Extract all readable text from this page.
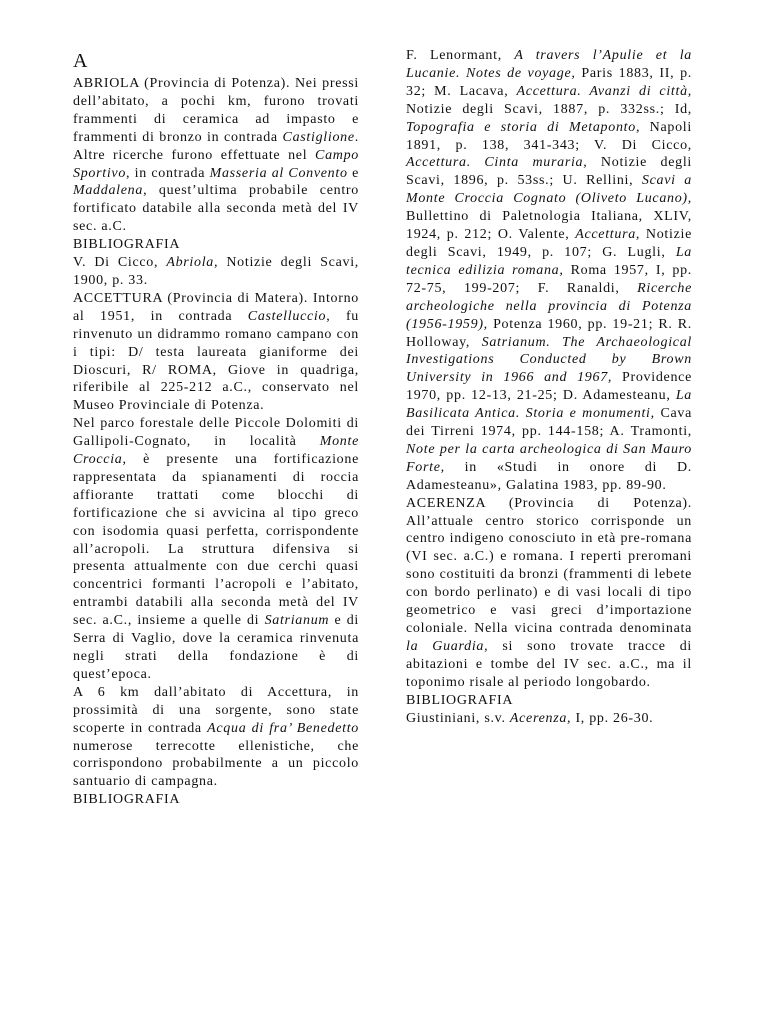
A

ABRIOLA (Provincia di Potenza). Nei pressi dell’abitato, a pochi km, furono trovati frammenti di ceramica ad impasto e frammenti di bronzo in contrada Castiglione. Altre ricerche furono effettuate nel Campo Sportivo, in contrada Masseria al Convento e Maddalena, quest’ultima probabile centro fortificato databile alla seconda metà del IV sec. a.C.

BIBLIOGRAFIA

V. Di Cicco, Abriola, Notizie degli Scavi, 1900, p. 33.

ACCETTURA (Provincia di Matera). Intorno al 1951, in contrada Castelluccio, fu rinvenuto un didrammo romano campano con i tipi: D/ testa laureata gianiforme dei Dioscuri, R/ ROMA, Giove in quadriga, riferibile al 225-212 a.C., conservato nel Museo Provinciale di Potenza.

Nel parco forestale delle Piccole Dolomiti di Gallipoli-Cognato, in località Monte Croccia, è presente una fortificazione rappresentata da spianamenti di roccia affiorante trattati come blocchi di fortificazione che si avvicina al tipo greco con isodomia quasi perfetta, corrispondente all’acropoli. La struttura difensiva si presenta attualmente con due cerchi quasi concentrici formanti l’acropoli e l’abitato, entrambi databili alla seconda metà del IV sec. a.C., insieme a quelle di Satrianum e di Serra di Vaglio, dove la ceramica rinvenuta negli strati della fondazione è di quest’epoca.

A 6 km dall’abitato di Accettura, in prossimità di una sorgente, sono state scoperte in contrada Acqua di fra’ Benedetto numerose terrecotte ellenistiche, che corrispondono probabilmente a un piccolo santuario di campagna.

BIBLIOGRAFIA

F. Lenormant, A travers l’Apulie et la Lucanie. Notes de voyage, Paris 1883, II, p. 32; M. Lacava, Accettura. Avanzi di città, Notizie degli Scavi, 1887, p. 332ss.; Id, Topografia e storia di Metaponto, Napoli 1891, p. 138, 341-343; V. Di Cicco, Accettura. Cinta muraria, Notizie degli Scavi, 1896, p. 53ss.; U. Rellini, Scavi a Monte Croccia Cognato (Oliveto Lucano), Bullettino di Paletnologia Italiana, XLIV, 1924, p. 212; O. Valente, Accettura, Notizie degli Scavi, 1949, p. 107; G. Lugli, La tecnica edilizia romana, Roma 1957, I, pp. 72-75, 199-207; F. Ranaldi, Ricerche archeologiche nella provincia di Potenza (1956-1959), Potenza 1960, pp. 19-21; R. R. Holloway, Satrianum. The Archaeological Investigations Conducted by Brown University in 1966 and 1967, Providence 1970, pp. 12-13, 21-25; D. Adamesteanu, La Basilicata Antica. Storia e monumenti, Cava dei Tirreni 1974, pp. 144-158; A. Tramonti, Note per la carta archeologica di San Mauro Forte, in «Studi in onore di D. Adamesteanu», Galatina 1983, pp. 89-90.

ACERENZA (Provincia di Potenza). All’attuale centro storico corrisponde un centro indigeno conosciuto in età pre-romana (VI sec. a.C.) e romana. I reperti preromani sono costituiti da bronzi (frammenti di lebete con bordo perlinato) e di vasi locali di tipo geometrico e vasi greci d’importazione coloniale. Nella vicina contrada denominata la Guardia, si sono trovate tracce di abitazioni e tombe del IV sec. a.C., ma il toponimo risale al periodo longobardo.

BIBLIOGRAFIA

Giustiniani, s.v. Acerenza, I, pp. 26-30.
